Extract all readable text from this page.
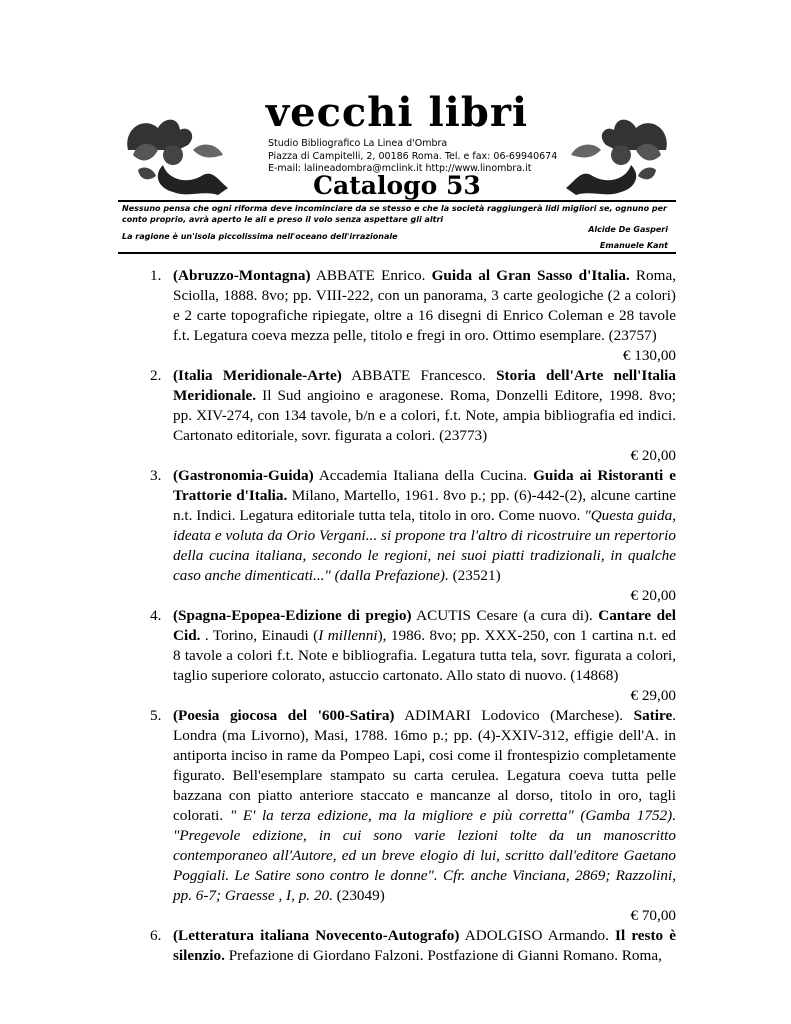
vecchi libri
Studio Bibliografico La Linea d'Ombra
Piazza di Campitelli, 2, 00186 Roma. Tel. e fax: 06-69940674
E-mail: lalineadombra@mclink.it http://www.linombra.it
Catalogo 53
Nessuno pensa che ogni riforma deve incominciare da se stesso e che la società raggiungerà lidi migliori se, ognuno per conto proprio, avrà aperto le ali e preso il volo senza aspettare gli altri
Alcide De Gasperi
La ragione è un'isola piccolissima nell'oceano dell'irrazionale
Emanuele Kant
1. (Abruzzo-Montagna) ABBATE Enrico. Guida al Gran Sasso d'Italia. Roma, Sciolla, 1888. 8vo; pp. VIII-222, con un panorama, 3 carte geologiche (2 a colori) e 2 carte topografiche ripiegate, oltre a 16 disegni di Enrico Coleman e 28 tavole f.t. Legatura coeva mezza pelle, titolo e fregi in oro. Ottimo esemplare. (23757)
€ 130,00
2. (Italia Meridionale-Arte) ABBATE Francesco. Storia dell'Arte nell'Italia Meridionale. Il Sud angioino e aragonese. Roma, Donzelli Editore, 1998. 8vo; pp. XIV-274, con 134 tavole, b/n e a colori, f.t. Note, ampia bibliografia ed indici. Cartonato editoriale, sovr. figurata a colori. (23773)
€ 20,00
3. (Gastronomia-Guida) Accademia Italiana della Cucina. Guida ai Ristoranti e Trattorie d'Italia. Milano, Martello, 1961. 8vo p.; pp. (6)-442-(2), alcune cartine n.t. Indici. Legatura editoriale tutta tela, titolo in oro. Come nuovo. "Questa guida, ideata e voluta da Orio Vergani... si propone tra l'altro di ricostruire un repertorio della cucina italiana, secondo le regioni, nei suoi piatti tradizionali, in qualche caso anche dimenticati..." (dalla Prefazione). (23521)
€ 20,00
4. (Spagna-Epopea-Edizione di pregio) ACUTIS Cesare (a cura di). Cantare del Cid. . Torino, Einaudi (I millenni), 1986. 8vo; pp. XXX-250, con 1 cartina n.t. ed 8 tavole a colori f.t. Note e bibliografia. Legatura tutta tela, sovr. figurata a colori, taglio superiore colorato, astuccio cartonato. Allo stato di nuovo. (14868)
€ 29,00
5. (Poesia giocosa del '600-Satira) ADIMARI Lodovico (Marchese). Satire. Londra (ma Livorno), Masi, 1788. 16mo p.; pp. (4)-XXIV-312, effigie dell'A. in antiporta inciso in rame da Pompeo Lapi, cosi come il frontespizio completamente figurato. Bell'esemplare stampato su carta cerulea. Legatura coeva tutta pelle bazzana con piatto anteriore staccato e mancanze al dorso, titolo in oro, tagli colorati. " E' la terza edizione, ma la migliore e più corretta" (Gamba 1752). "Pregevole edizione, in cui sono varie lezioni tolte da un manoscritto contemporaneo all'Autore, ed un breve elogio di lui, scritto dall'editore Gaetano Poggiali. Le Satire sono contro le donne". Cfr. anche Vinciana, 2869; Razzolini, pp. 6-7; Graesse , I, p. 20. (23049)
€ 70,00
6. (Letteratura italiana Novecento-Autografo) ADOLGISO Armando. Il resto è silenzio. Prefazione di Giordano Falzoni. Postfazione di Gianni Romano. Roma,
